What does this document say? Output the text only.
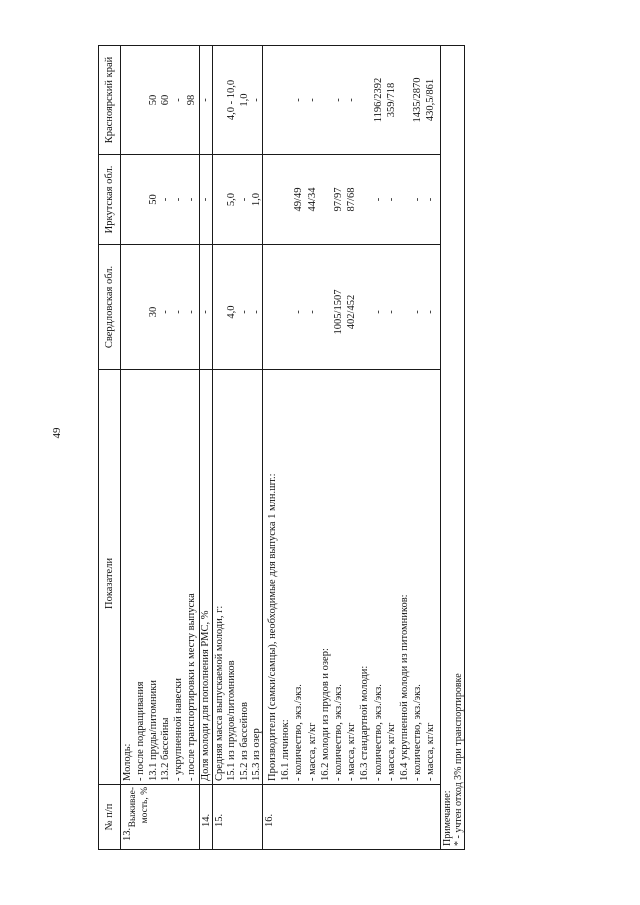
49
№ п/п
Показатели
Свердловская обл.
Иркутская обл.
Красноярский край
13.
Выживае- мость, %
Молодь: - после подращивания 13.1 пруды/питомники 13.2 бассейны - укрупненной навески - после транспортировки к месту выпуска
30 - - -
50 - - -
50 60 - 98
14.
Доля молоди для пополнения РМС, %
-
-
-
15.
Средняя масса выпускаемой молоди, г: 15.1 из прудов/питомников 15.2 из бассейнов 15.3 из озер
4,0 - -
5,0 - 1,0
4,0 - 10,0 1,0 -
16.
Производители (самки/самцы), необходимые для выпуска 1 млн.шт.: 16.1 личинок: - количество, экз./экз. - масса, кг/кг 16.2 молоди из прудов и озер: - количество, экз./экз. - масса, кг/кг 16.3 стандартной молоди: - количество, экз./экз. - масса, кг/кг 16.4 укрупненной молоди из питомников: - количество, экз./экз. - масса, кг/кг
- - 1005/1507 402/452 - - - -
49/49 44/34 97/97 87/68 - - - -
- - - - 1196/2392 359/718 1435/2870 430,5/861
Примечание: * - учтен отход 3% при транспортировке
